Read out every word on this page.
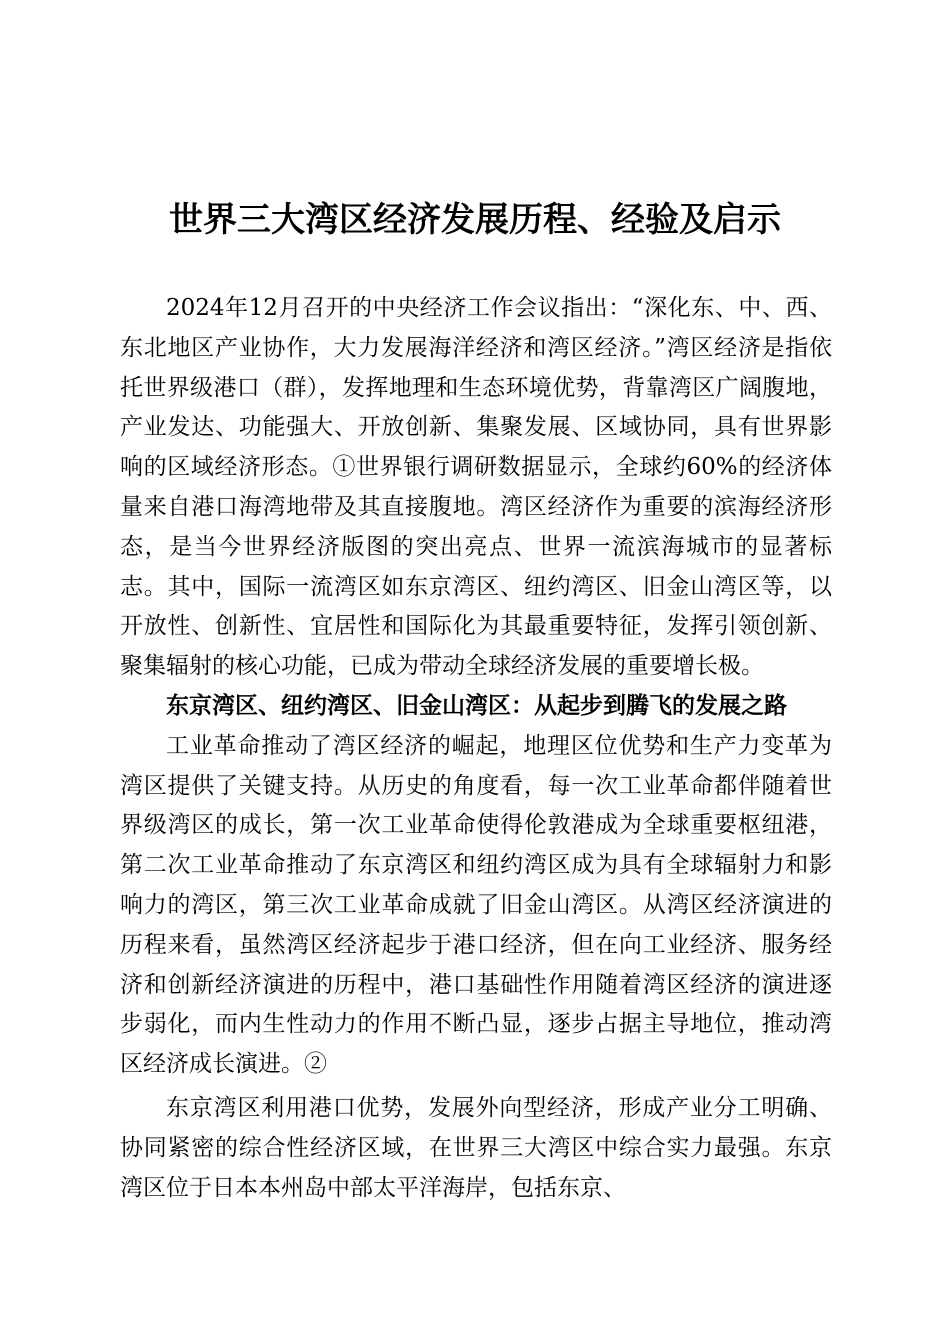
世界三大湾区经济发展历程、经验及启示

2024年12月召开的中央经济工作会议指出：“深化东、中、西、东北地区产业协作，大力发展海洋经济和湾区经济。”湾区经济是指依托世界级港口（群），发挥地理和生态环境优势，背靠湾区广阔腹地，产业发达、功能强大、开放创新、集聚发展、区域协同，具有世界影响的区域经济形态。①世界银行调研数据显示，全球约60%的经济体量来自港口海湾地带及其直接腹地。湾区经济作为重要的滨海经济形态，是当今世界经济版图的突出亮点、世界一流滨海城市的显著标志。其中，国际一流湾区如东京湾区、纽约湾区、旧金山湾区等，以开放性、创新性、宜居性和国际化为其最重要特征，发挥引领创新、聚集辐射的核心功能，已成为带动全球经济发展的重要增长极。

东京湾区、纽约湾区、旧金山湾区：从起步到腾飞的发展之路

工业革命推动了湾区经济的崛起，地理区位优势和生产力变革为湾区提供了关键支持。从历史的角度看，每一次工业革命都伴随着世界级湾区的成长，第一次工业革命使得伦敦港成为全球重要枢纽港，第二次工业革命推动了东京湾区和纽约湾区成为具有全球辐射力和影响力的湾区，第三次工业革命成就了旧金山湾区。从湾区经济演进的历程来看，虽然湾区经济起步于港口经济，但在向工业经济、服务经济和创新经济演进的历程中，港口基础性作用随着湾区经济的演进逐步弱化，而内生性动力的作用不断凸显，逐步占据主导地位，推动湾区经济成长演进。②

东京湾区利用港口优势，发展外向型经济，形成产业分工明确、协同紧密的综合性经济区域，在世界三大湾区中综合实力最强。东京湾区位于日本本州岛中部太平洋海岸，包括东京、
